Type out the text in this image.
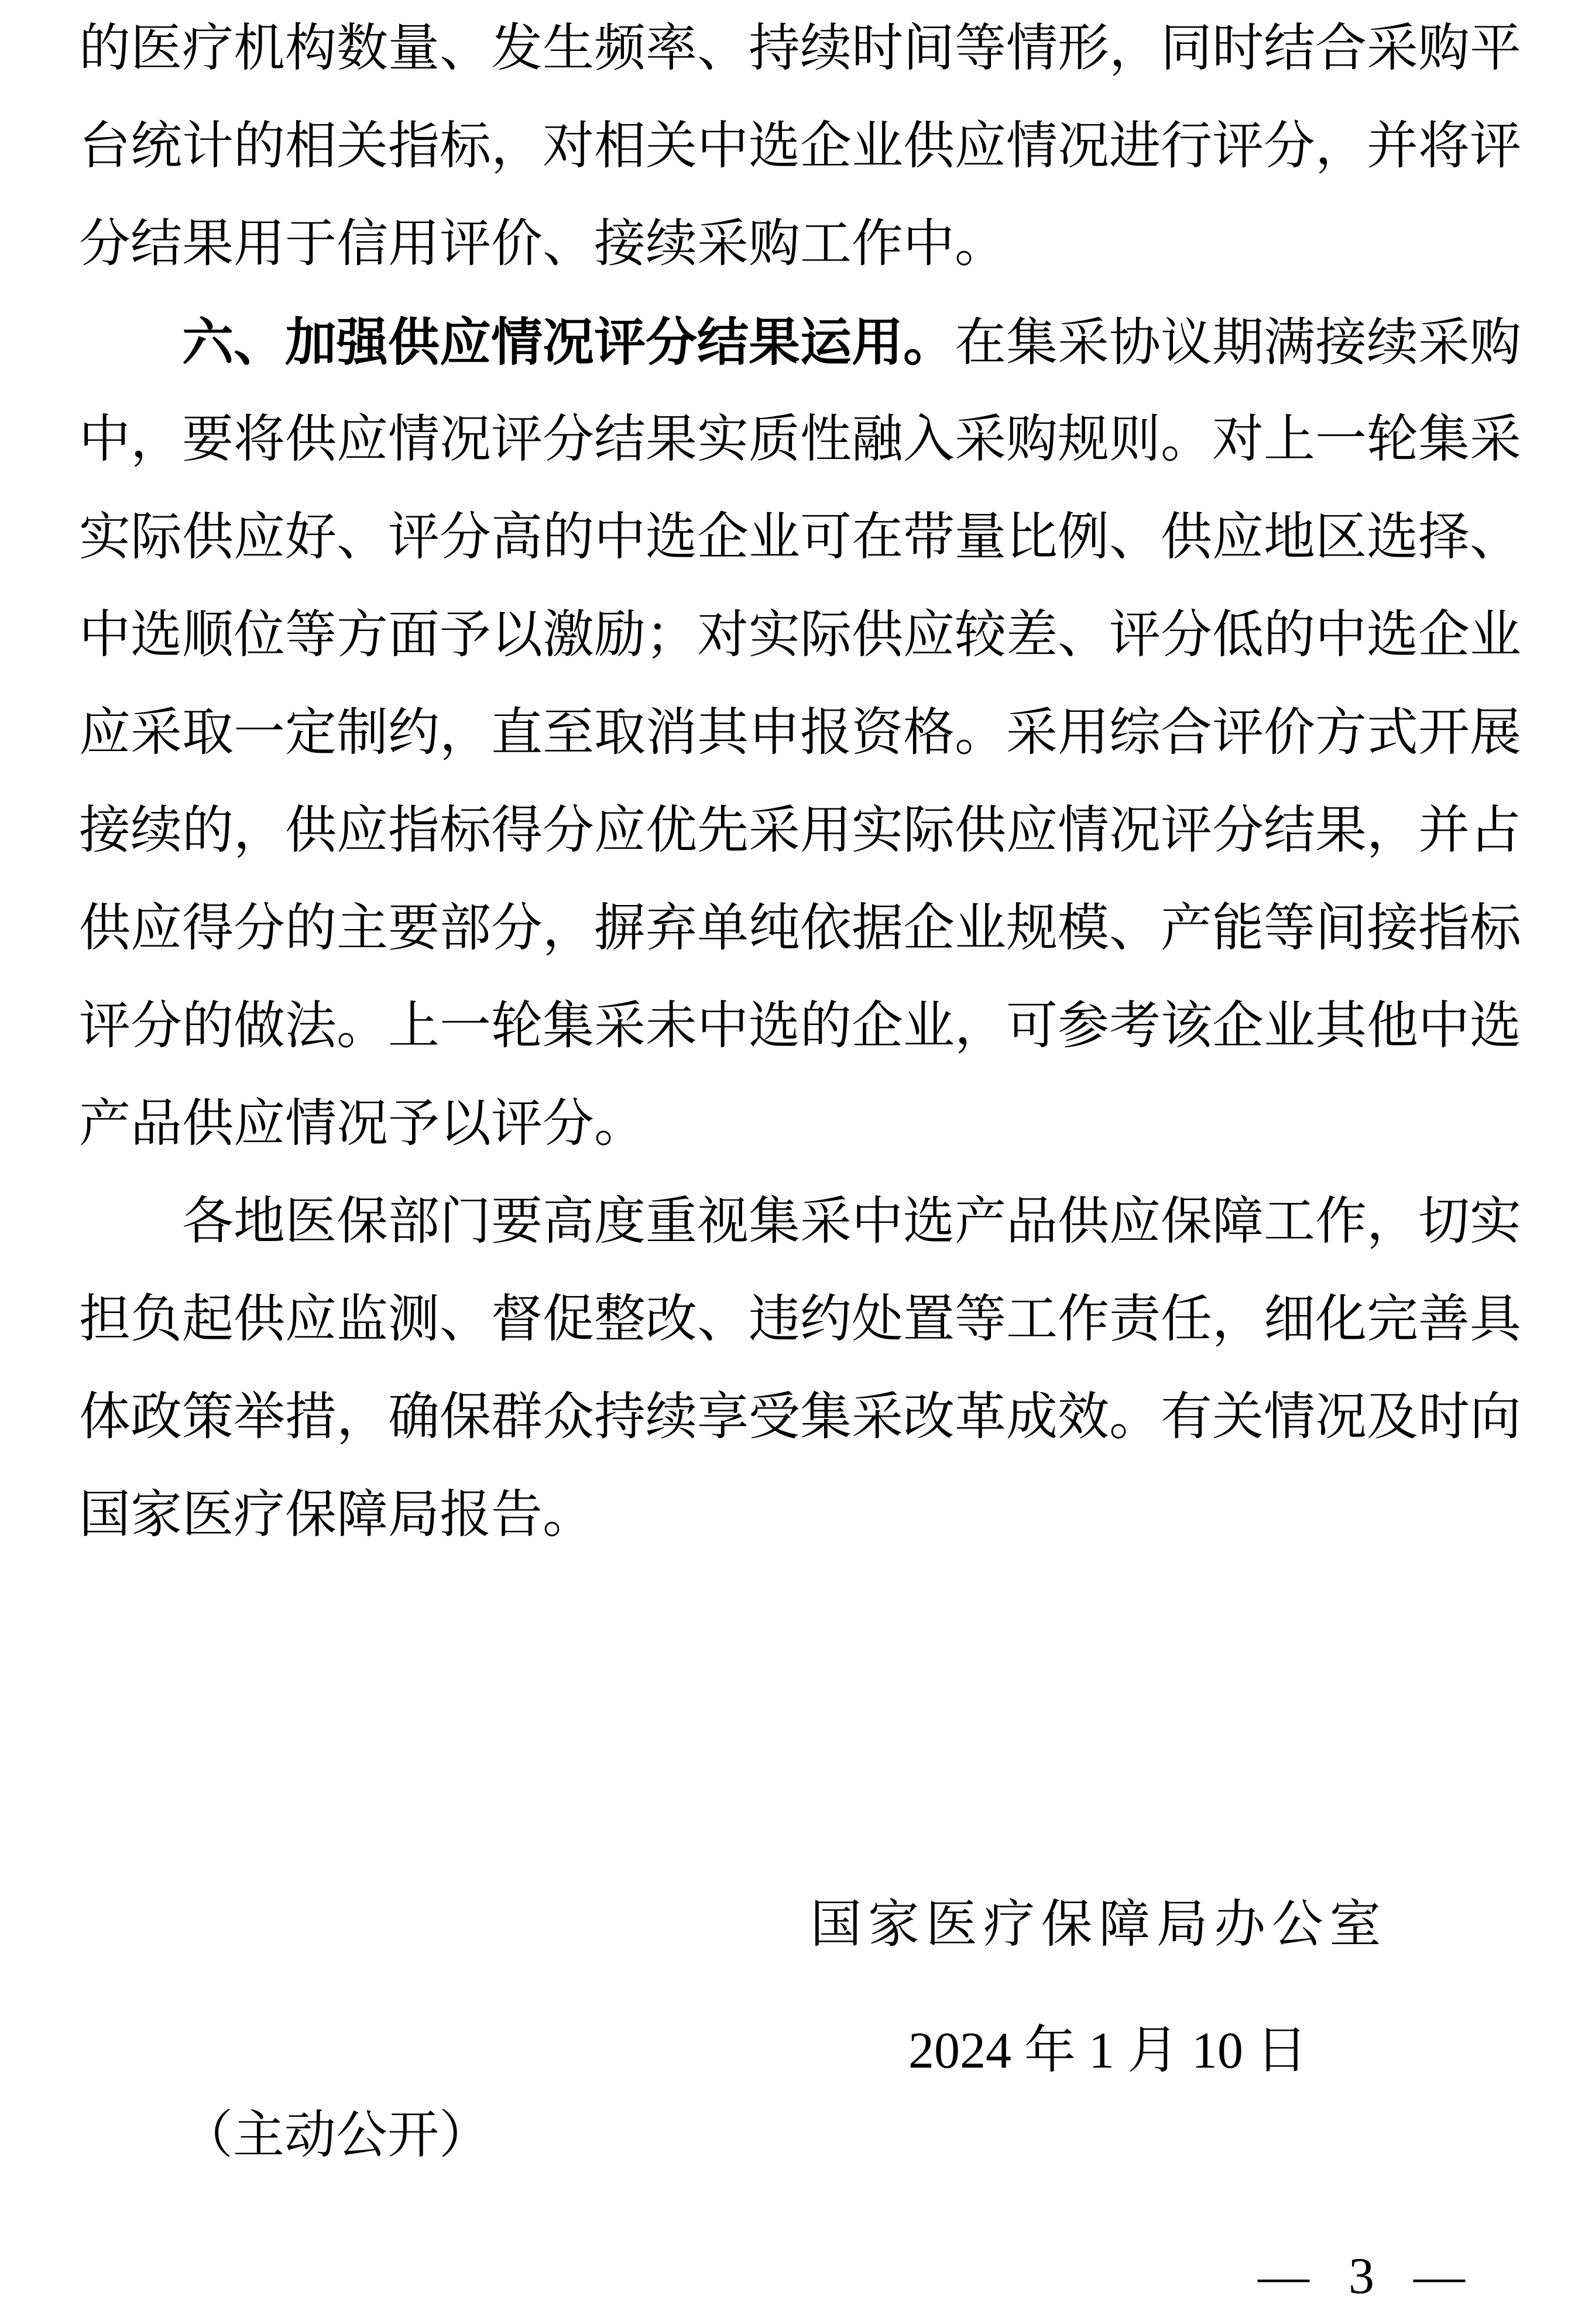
的医疗机构数量、发生频率、持续时间等情形，同时结合采购平
台统计的相关指标，对相关中选企业供应情况进行评分，并将评
分结果用于信用评价、接续采购工作中。
六、加强供应情况评分结果运用。在集采协议期满接续采购
中，要将供应情况评分结果实质性融入采购规则。对上一轮集采
实际供应好、评分高的中选企业可在带量比例、供应地区选择、
中选顺位等方面予以激励；对实际供应较差、评分低的中选企业
应采取一定制约，直至取消其申报资格。采用综合评价方式开展
接续的，供应指标得分应优先采用实际供应情况评分结果，并占
供应得分的主要部分，摒弃单纯依据企业规模、产能等间接指标
评分的做法。上一轮集采未中选的企业，可参考该企业其他中选
产品供应情况予以评分。
各地医保部门要高度重视集采中选产品供应保障工作，切实
担负起供应监测、督促整改、违约处置等工作责任，细化完善具
体政策举措，确保群众持续享受集采改革成效。有关情况及时向
国家医疗保障局报告。
国家医疗保障局办公室
2024 年 1 月 10 日
（主动公开）
— 3 —
